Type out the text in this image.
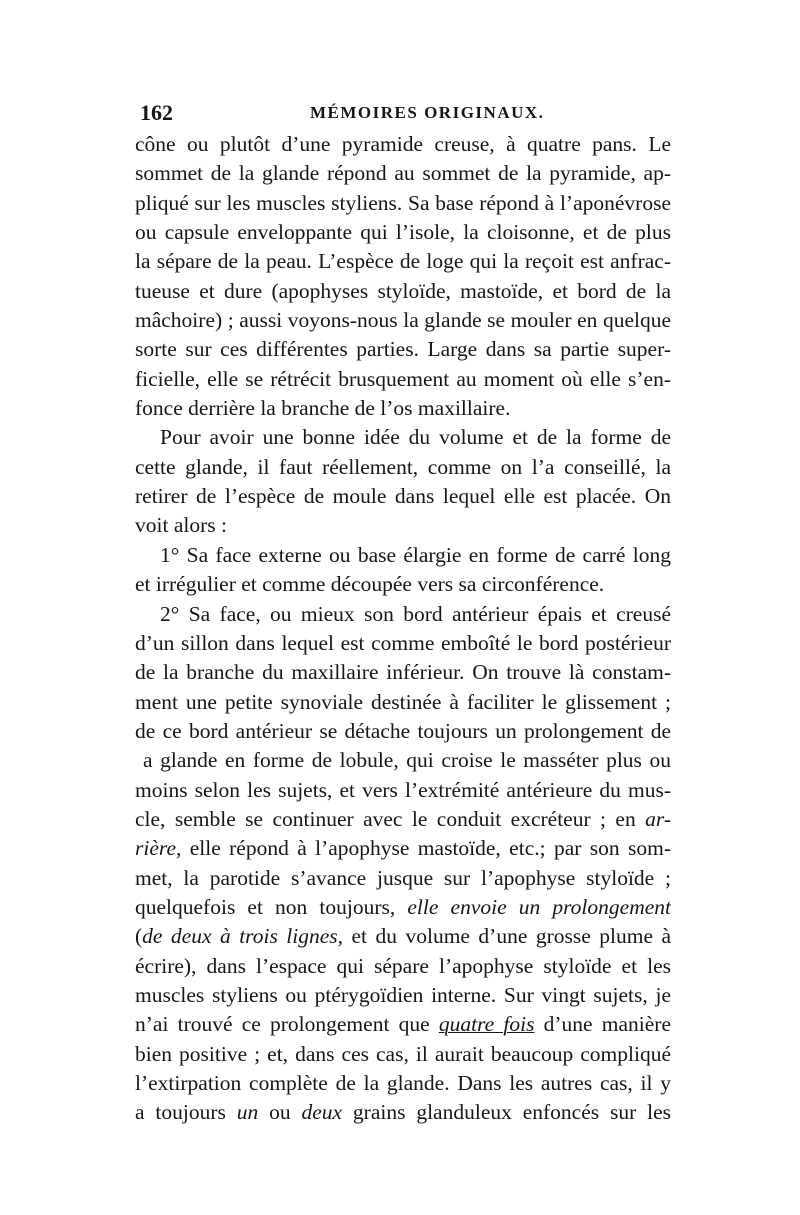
162	MÉMOIRES ORIGINAUX.
cône ou plutôt d’une pyramide creuse, à quatre pans. Le
sommet de la glande répond au sommet de la pyramide, ap-
pliqué sur les muscles styliens. Sa base répond à l’aponévrose
ou capsule enveloppante qui l’isole, la cloisonne, et de plus
la sépare de la peau. L’espèce de loge qui la reçoit est anfrac-
tueuse et dure (apophyses styloïde, mastoïde, et bord de la
mâchoire) ; aussi voyons-nous la glande se mouler en quelque
sorte sur ces différentes parties. Large dans sa partie super-
ficielle, elle se rétrécit brusquement au moment où elle s’en-
fonce derrière la branche de l’os maxillaire.
Pour avoir une bonne idée du volume et de la forme de
cette glande, il faut réellement, comme on l’a conseillé, la
retirer de l’espèce de moule dans lequel elle est placée. On
voit alors :
1° Sa face externe ou base élargie en forme de carré long
et irrégulier et comme découpée vers sa circonférence.
2° Sa face, ou mieux son bord antérieur épais et creusé
d’un sillon dans lequel est comme emboîté le bord postérieur
de la branche du maxillaire inférieur. On trouve là constam-
ment une petite synoviale destinée à faciliter le glissement ;
de ce bord antérieur se détache toujours un prolongement de
a glande en forme de lobule, qui croise le masséter plus ou
moins selon les sujets, et vers l’extrémité antérieure du mus-
cle, semble se continuer avec le conduit excréteur ; en ar-
rière, elle répond à l’apophyse mastoïde, etc.; par son som-
met, la parotide s’avance jusque sur l’apophyse styloïde ;
quelquefois et non toujours, elle envoie un prolongement
(de deux à trois lignes, et du volume d’une grosse plume à
écrire), dans l’espace qui sépare l’apophyse styloïde et les
muscles styliens ou ptérygoïdien interne. Sur vingt sujets, je
n’ai trouvé ce prolongement que quatre fois d’une manière
bien positive ; et, dans ces cas, il aurait beaucoup compliqué
l’extirpation complète de la glande. Dans les autres cas, il y
a toujours un ou deux grains glanduleux enfoncés sur les
